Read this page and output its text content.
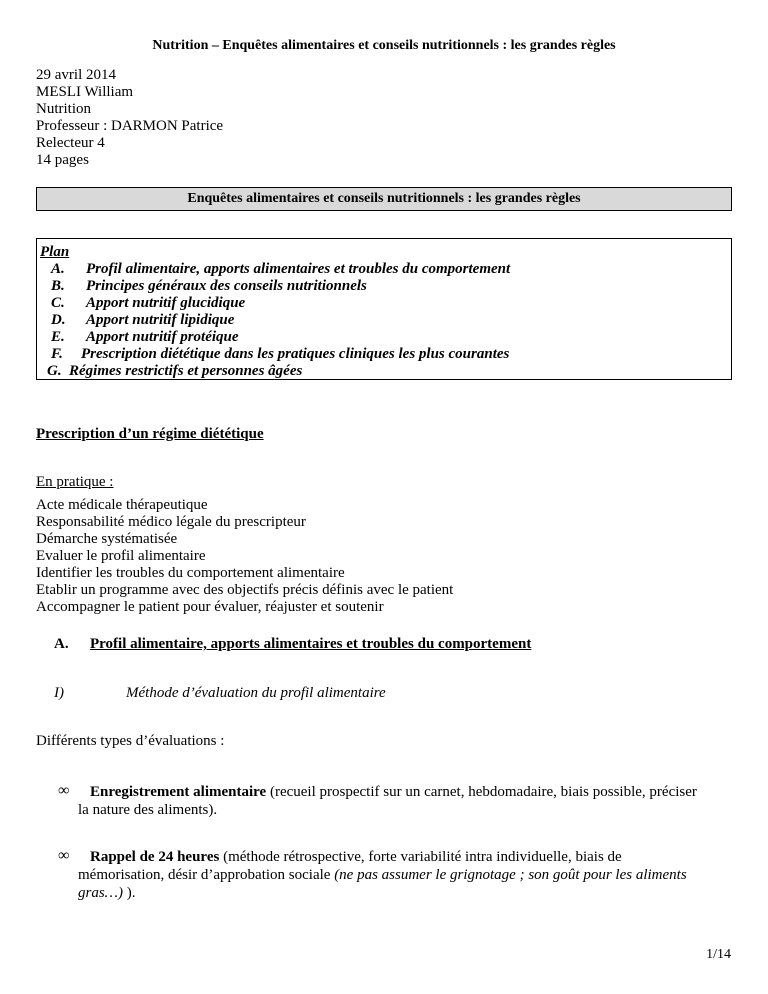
Nutrition – Enquêtes alimentaires et conseils nutritionnels : les grandes règles
29 avril 2014
MESLI William
Nutrition
Professeur : DARMON Patrice
Relecteur 4
14 pages
Enquêtes alimentaires et conseils nutritionnels : les grandes règles
Plan
A. Profil alimentaire, apports alimentaires et troubles du comportement
B. Principes généraux des conseils nutritionnels
C. Apport nutritif glucidique
D. Apport nutritif lipidique
E. Apport nutritif protéique
F. Prescription diététique dans les pratiques cliniques les plus courantes
G. Régimes restrictifs et personnes âgées
Prescription d’un régime diététique
En pratique :
Acte médicale thérapeutique
Responsabilité médico légale du prescripteur
Démarche systématisée
Evaluer le profil alimentaire
Identifier les troubles du comportement alimentaire
Etablir un programme avec des objectifs précis définis avec le patient
Accompagner le patient pour évaluer, réajuster et soutenir
A. Profil alimentaire, apports alimentaires et troubles du comportement
I)	Méthode d’évaluation du profil alimentaire
Différents types d’évaluations :
∞	Enregistrement alimentaire (recueil prospectif sur un carnet, hebdomadaire, biais possible, préciser
la nature des aliments).
∞	Rappel de 24 heures (méthode rétrospective, forte variabilité intra individuelle, biais de
mémorisation, désir d’approbation sociale (ne pas assumer le grignotage ; son goût pour les aliments
gras…) ).
1/14
